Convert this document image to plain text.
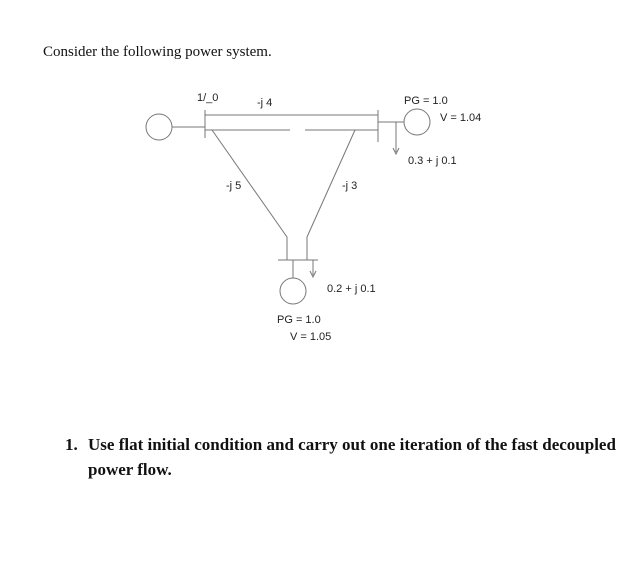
Consider the following power system.

1/_0	-j 4	PG = 1.0
V = 1.04
0.3 + j 0.1
-j 5	-j 3
0.2 + j 0.1
PG = 1.0
V = 1.05
1. Use flat initial condition and carry out one iteration of the fast decoupled power flow.
